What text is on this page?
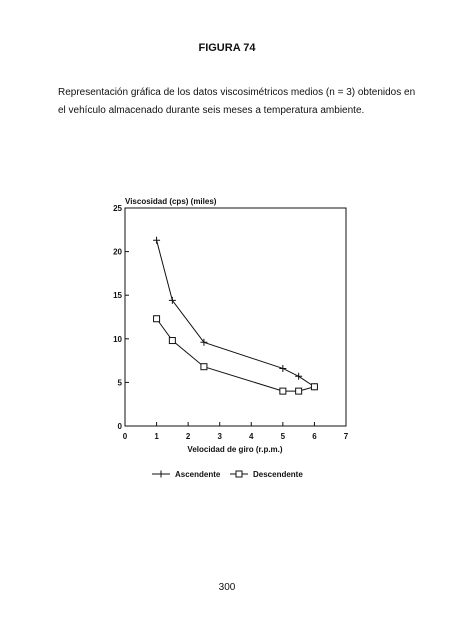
FIGURA 74
Representación gráfica de los datos viscosimétricos medios (n = 3) obtenidos en el vehículo almacenado durante seis meses a temperatura ambiente.
Viscosidad (cps) (miles)
Velocidad de giro (r.p.m.)
0
5
10
15
20
25
0	1	2	3	4	5	6	7
Ascendente	Descendente
300
